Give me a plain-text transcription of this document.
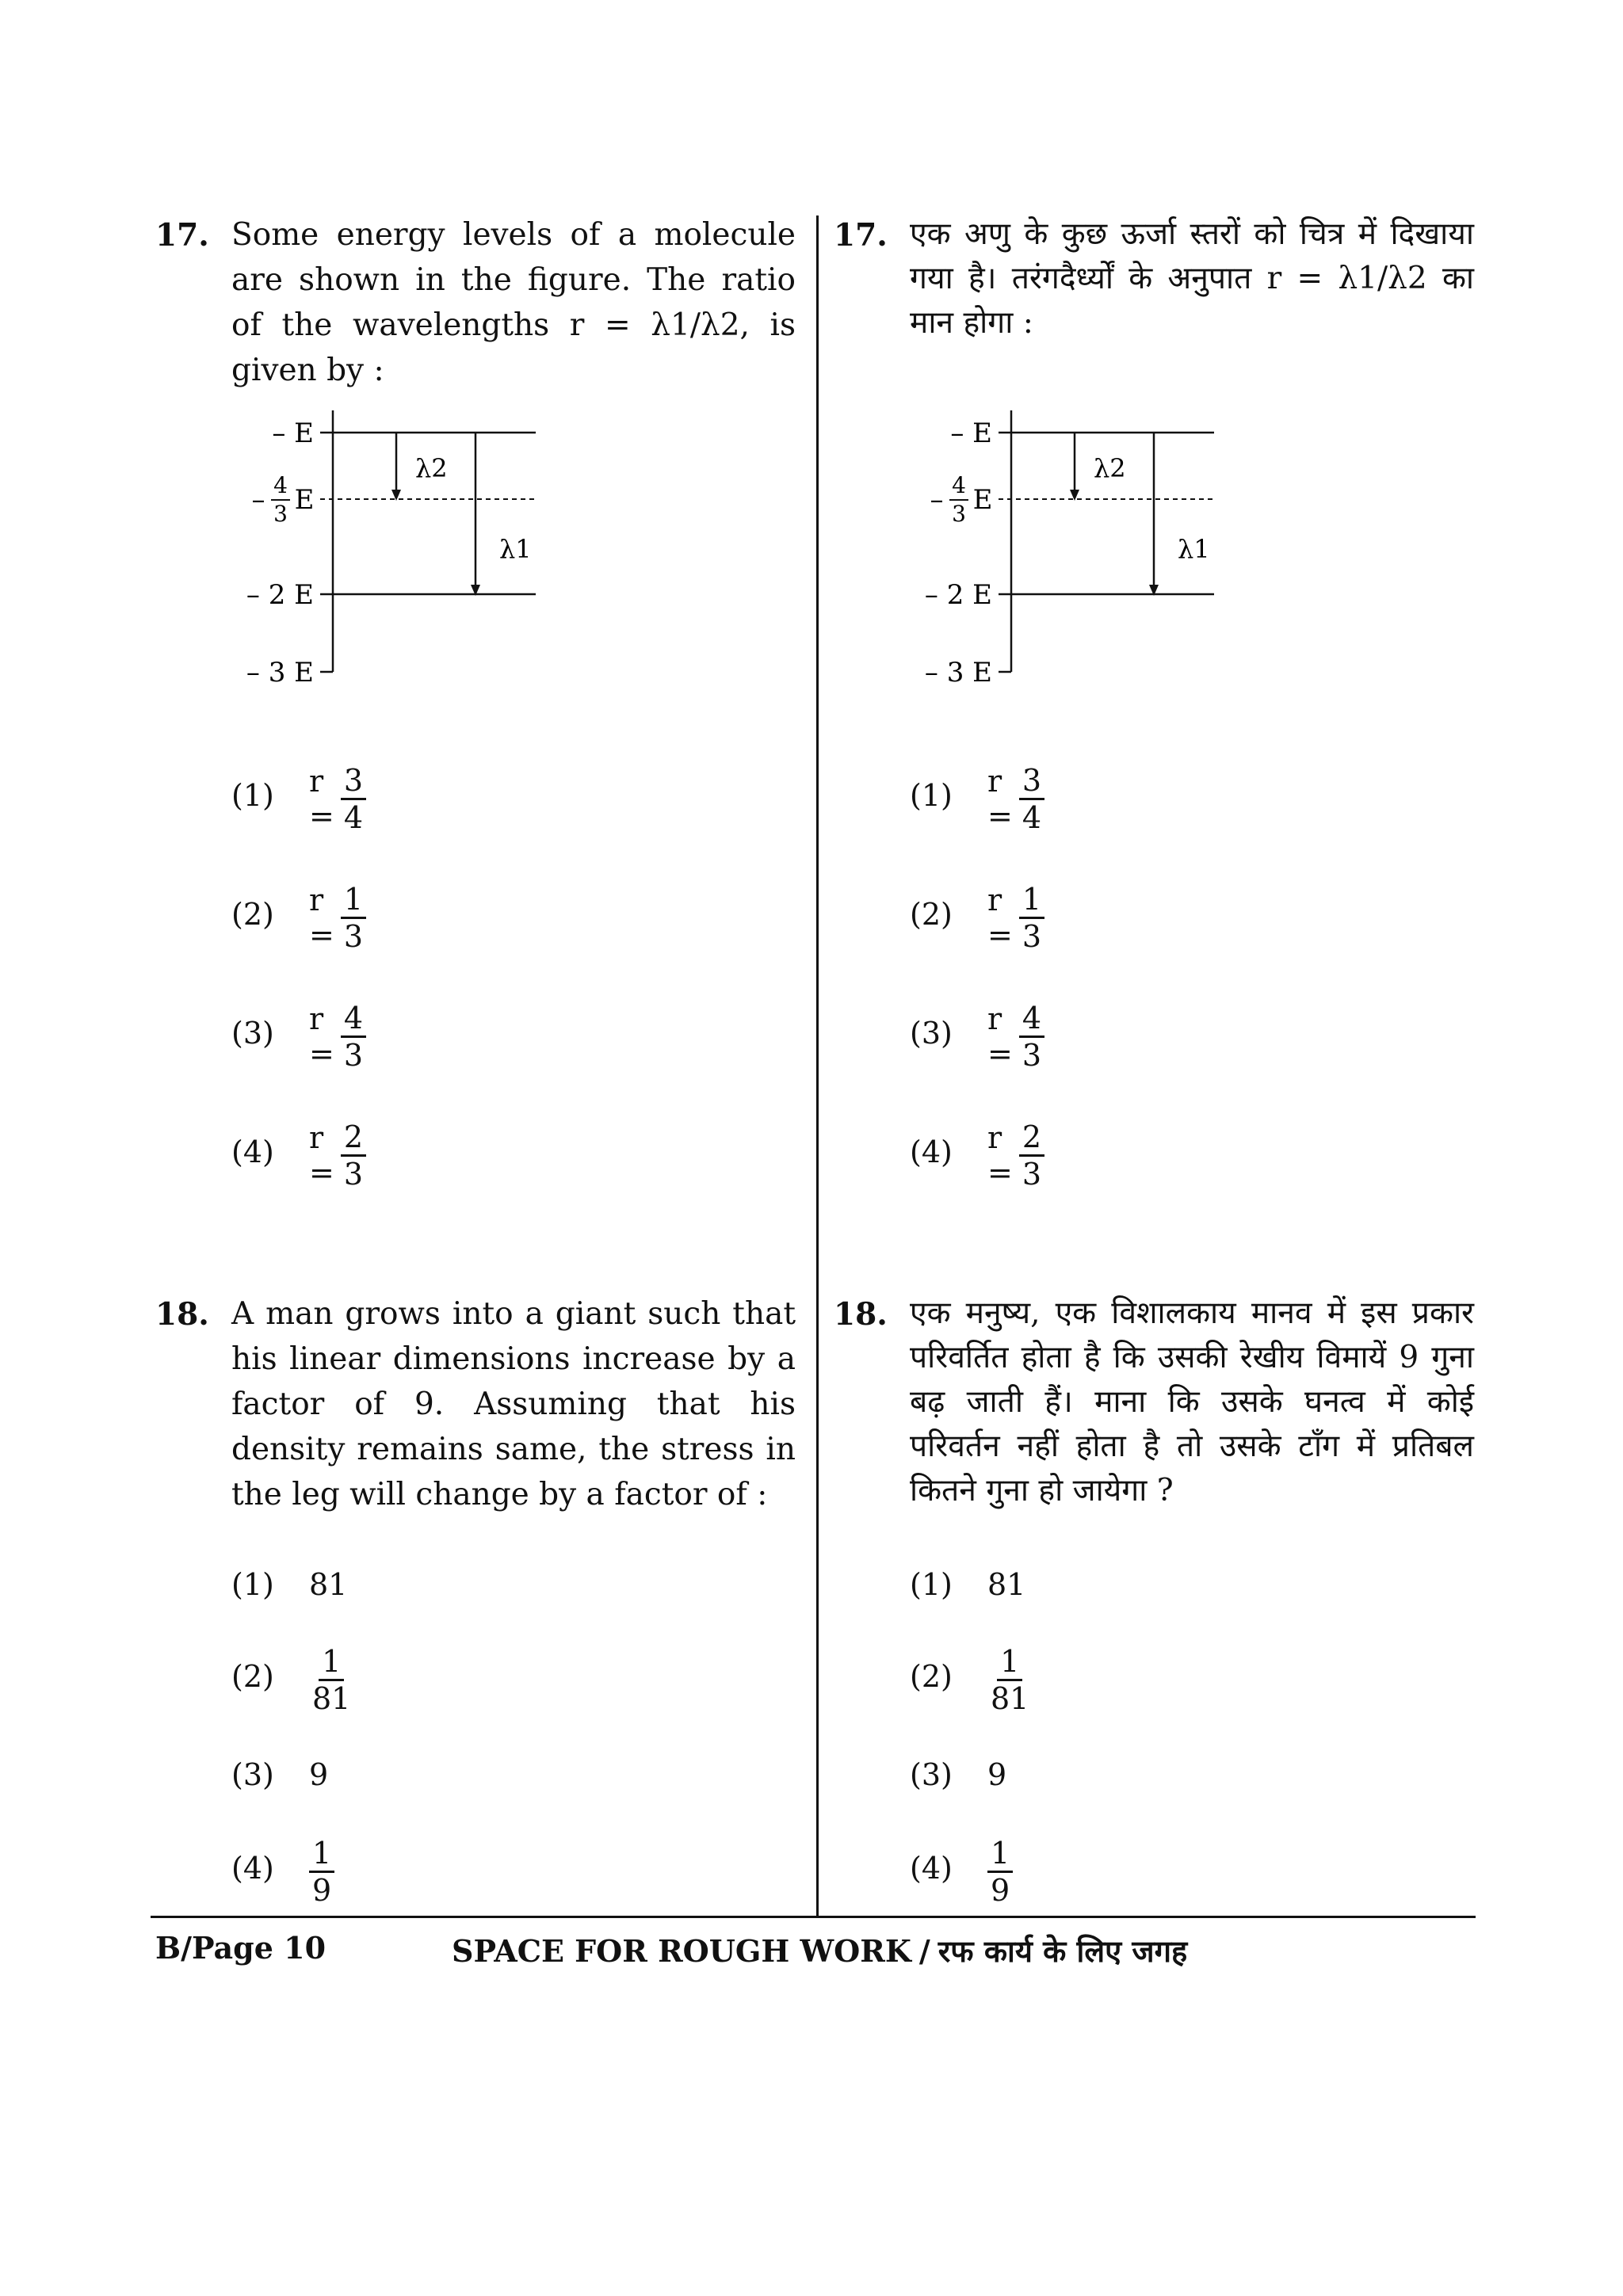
17. Some energy levels of a molecule are shown in the figure. The ratio of the wavelengths r = λ1/λ2, is given by :
– E
– 4
3 E
– 2 E
– 3 E
λ2
λ1
(1) $r = \frac{3}{4}$
(2) $r = \frac{1}{3}$
(3) $r = \frac{4}{3}$
(4) $r = \frac{2}{3}$
18. A man grows into a giant such that his linear dimensions increase by a factor of 9. Assuming that his density remains same, the stress in the leg will change by a factor of :
(1) 81
$(2) \frac{1}{81}$
(3) 9
$(4) \frac{1}{9}$
17. एक अणु के कुछ ऊर्जा स्तरों को चित्र में दिखाया गया है। तरंगदैर्ध्यों के अनुपात r = λ1/λ2 का मान होगा :
– E
– 4
3 E
– 2 E
– 3 E
λ2
λ1
(1) $r = \frac{3}{4}$
(2) $r = \frac{1}{3}$
(3) $r = \frac{4}{3}$
(4) $r = \frac{2}{3}$
18. एक मनुष्य, एक विशालकाय मानव में इस प्रकार परिवर्तित होता है कि उसकी रेखीय विमायें 9 गुना बढ़ जाती हैं। माना कि उसके घनत्व में कोई परिवर्तन नहीं होता है तो उसके टाँग में प्रतिबल कितने गुना हो जायेगा ?
(1) 81
$(2) \frac{1}{81}$
(3) 9
$(4) \frac{1}{9}$
B/Page 10	SPACE FOR ROUGH WORK / रफ कार्य के लिए जगह
